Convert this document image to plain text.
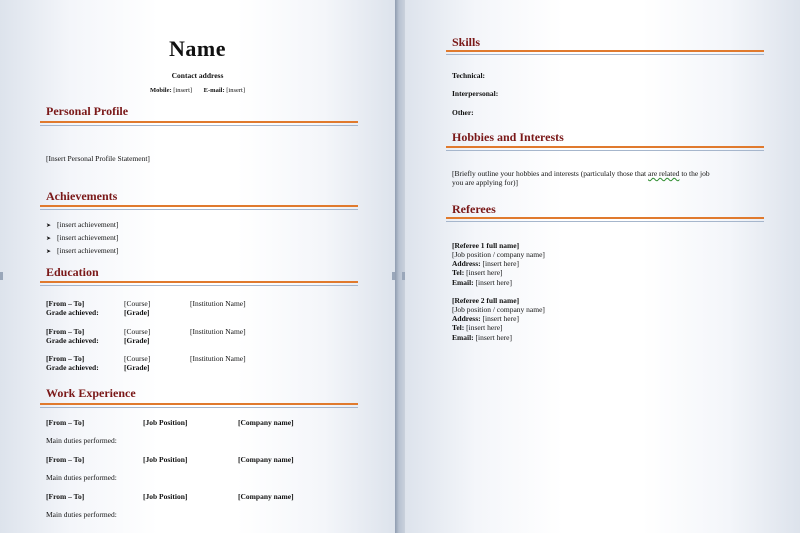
Name
Contact address
Mobile: [insert] E-mail: [insert]
Personal Profile
[Insert Personal Profile Statement]
Achievements
➤ [insert achievement]
➤ [insert achievement]
➤ [insert achievement]
Education
[From – To]	[Course]	[Institution Name]
Grade achieved:	[Grade]
[From – To]	[Course]	[Institution Name]
Grade achieved:	[Grade]
[From – To]	[Course]	[Institution Name]
Grade achieved:	[Grade]
Work Experience
[From – To]	[Job Position]	[Company name]
Main duties performed:
[From – To]	[Job Position]	[Company name]
Main duties performed:
[From – To]	[Job Position]	[Company name]
Main duties performed:
Skills
Technical:
Interpersonal:
Other:
Hobbies and Interests
[Briefly outline your hobbies and interests (particulaly those that are related to the job
you are applying for)]
Referees
[Referee 1 full name]
[Job position / company name]
Address: [insert here]
Tel: [insert here]
Email: [insert here]
[Referee 2 full name]
[Job position / company name]
Address: [insert here]
Tel: [insert here]
Email: [insert here]
